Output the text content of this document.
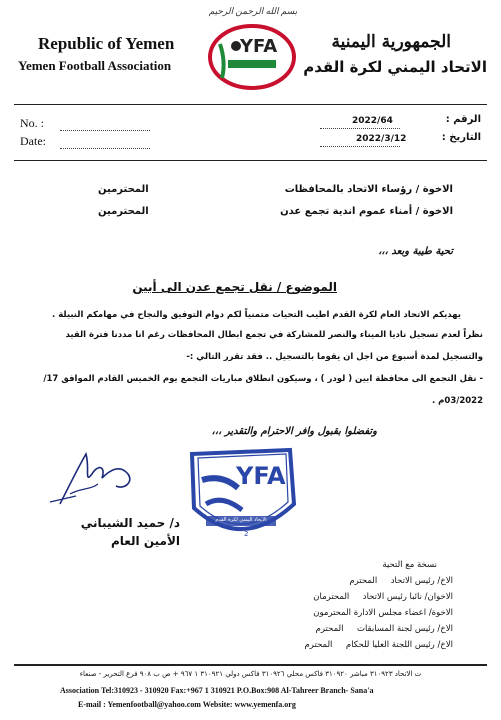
بسم الله الرحمن الرحيم
Republic of Yemen
Yemen Football Association
الجمهورية اليمنية
الاتحاد اليمني لكرة القدم
YFA
الاتحاد اليمني لكرة القدم
No. :
Date:
2022/64
2022/3/12
الرقم :
التاريخ :
الاخوة / رؤساء الاتحاد بالمحافظات
المحترمين
الاخوة / أمناء عموم اندية تجمع عدن
المحترمين
تحية طيبة وبعد ،،،
الموضوع / نقل تجمع عدن الى أبين
يهديكم الاتحاد العام لكرة القدم اطيب التحيات متمنياً لكم دوام التوفيق والنجاح في مهامكم النبيلة .
نظراً لعدم تسجيل ناديا الميناء والنصر للمشاركة في تجمع ابطال المحافظات رغم انا مددنا فترة القيد
والتسجيل لمدة أسبوع من اجل ان يقوما بالتسجيل .. فقد تقرر التالي :-
- نقل التجمع الى محافظة ابين ( لودر ) ، وسيكون انطلاق مباريات التجمع يوم الخميس القادم الموافق 17/
03/2022م .
وتفضلوا بقبول وافر الاحترام والتقدير ،،،
د/ حميد الشيباني
الأمين العام
YFA
الاتحاد اليمني لكرة القدم
2
نسخة مع التحية
الاخ/ رئيس الاتحاد     المحترم
الاخوان/ نائبا رئيس الاتحاد     المحترمان
الاخوة/ اعضاء مجلس الادارة المحترمون
الاخ/ رئيس لجنة المسابقات     المحترم
الاخ/ رئيس اللجنة العليا للحكام     المحترم
ت الاتحاد ٣١٠٩٢٣ مباشر ٣١٠٩٢٠ فاكس محلي ٣١٠٩٢٦ فاكس دولي ٣١٠٩٢١ ١ ٩٦٧ + ص ب ٩٠٨ فرع التحرير - صنعاء
Association Tel:310923 - 310920 Fax:+967 1 310921 P.O.Box:908 Al-Tahreer Branch- Sana'a
E-mail : Yemenfootball@yahoo.com Website: www.yemenfa.org
